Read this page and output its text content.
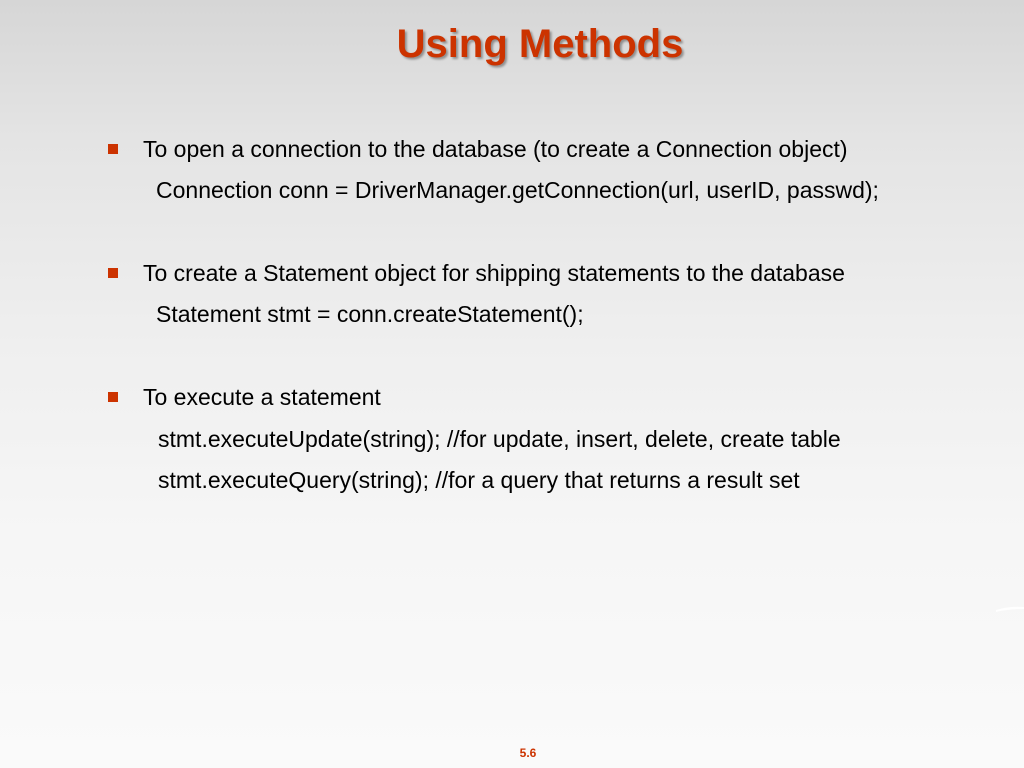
Using Methods
To open a connection to the database (to create a Connection object)
Connection conn = DriverManager.getConnection(url, userID, passwd);
To create a Statement object for shipping statements to the database
Statement stmt = conn.createStatement();
To execute a statement
stmt.executeUpdate(string); //for update, insert, delete, create table
stmt.executeQuery(string); //for a query that returns a result set
5.6
